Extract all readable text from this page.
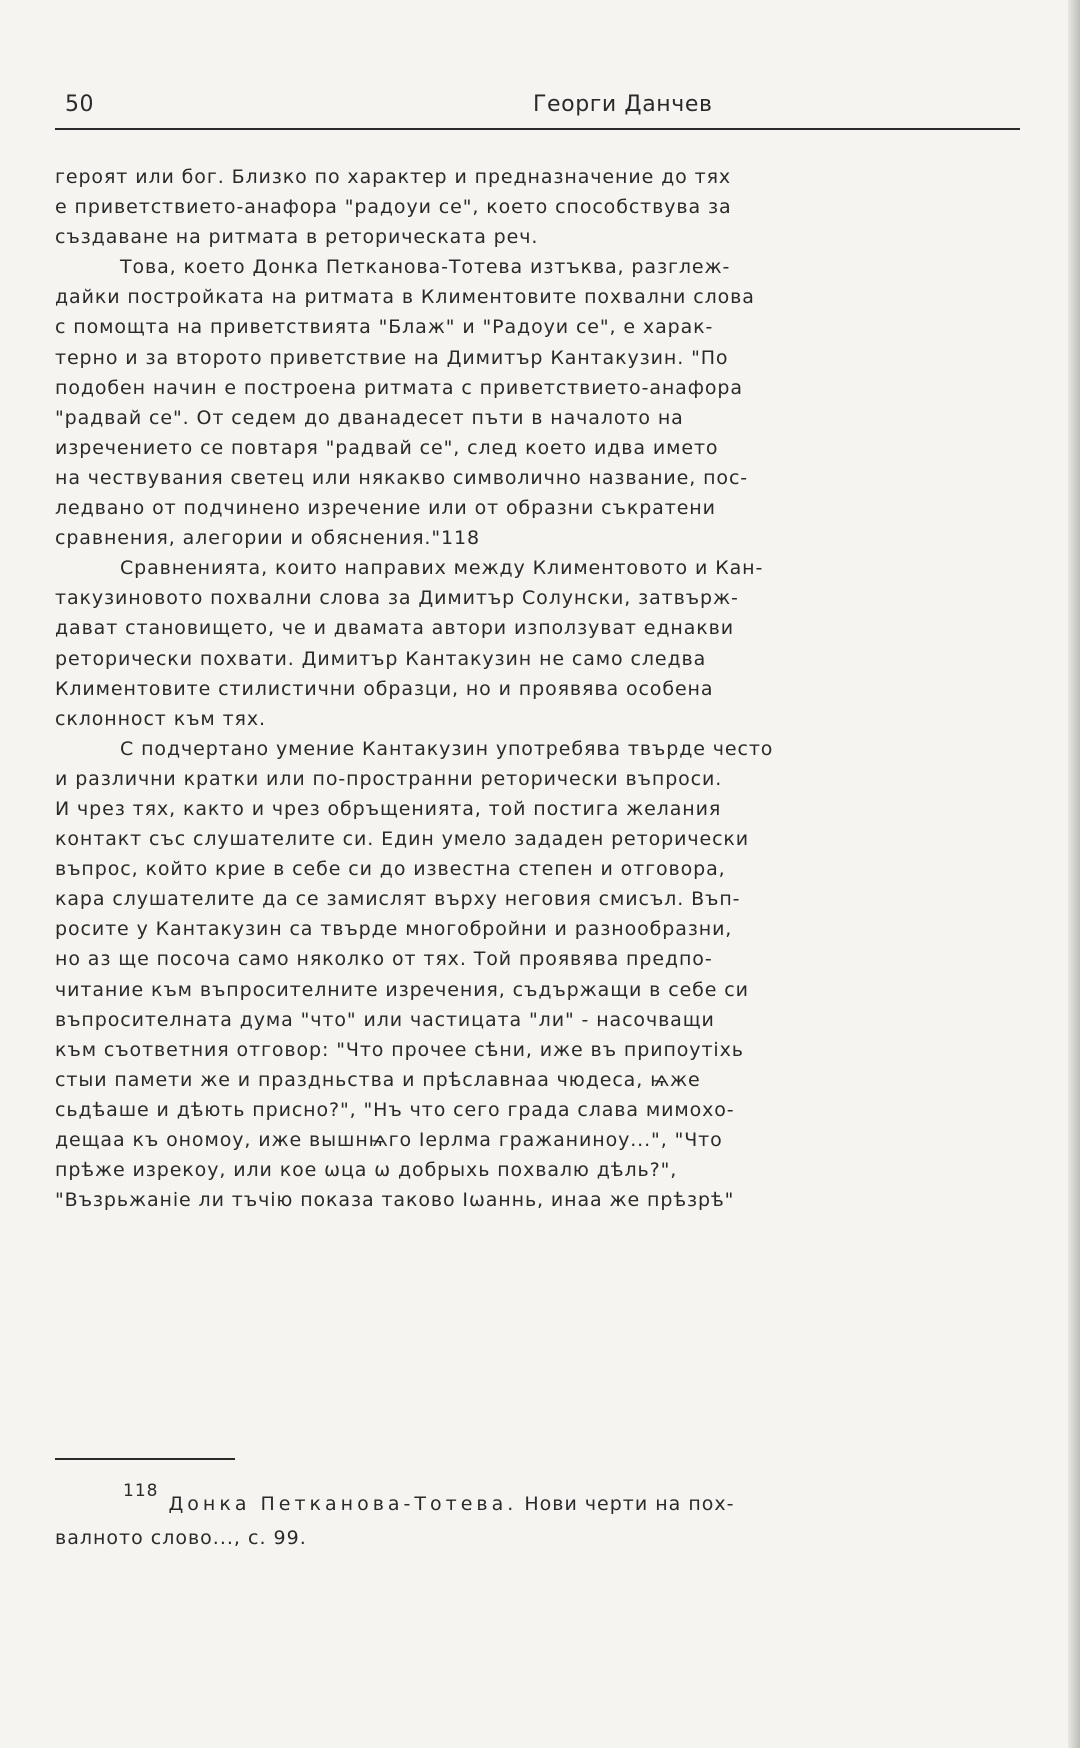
50	Георги Данчев
героят или бог. Близко по характер и предназначение до тях
е приветствието-анафора "радоуи се", което способствува за
създаване на ритмата в реторическата реч.
Това, което Донка Петканова-Тотева изтъква, разглеж-
дайки постройката на ритмата в Климентовите похвални слова
с помощта на приветствията "Блаж" и "Радоуи се", е харак-
терно и за второто приветствие на Димитър Кантакузин. "По
подобен начин е построена ритмата с приветствието-анафора
"радвай се". От седем до дванадесет пъти в началото на
изречението се повтаря "радвай се", след което идва името
на чествувания светец или някакво символично название, пос-
ледвано от подчинено изречение или от образни съкратени
сравнения, алегории и обяснения."118
Сравненията, които направих между Климентовото и Кан-
такузиновото похвални слова за Димитър Солунски, затвърж-
дават становището, че и двамата автори използуват еднакви
реторически похвати. Димитър Кантакузин не само следва
Климентовите стилистични образци, но и проявява особена
склонност към тях.
С подчертано умение Кантакузин употребява твърде често
и различни кратки или по-пространни реторически въпроси.
И чрез тях, както и чрез обръщенията, той постига желания
контакт със слушателите си. Един умело зададен реторически
въпрос, който крие в себе си до известна степен и отговора,
кара слушателите да се замислят върху неговия смисъл. Въп-
росите у Кантакузин са твърде многобройни и разнообразни,
но аз ще посоча само няколко от тях. Той проявява предпо-
читание към въпросителните изречения, съдържащи в себе си
въпросителната дума "что" или частицата "ли" - насочващи
към съответния отговор: "Что прочее сѣни, иже въ припоутіхь
стыи памети же и праздньства и прѣславнаа чюдеса, ѩже
сьдѣаше и дѣють присно?", "Нъ что сего града слава мимохо-
дещаа къ ономоу, иже вышнѩго Іерлма гражаниноу...", "Что
прѣже изрекоу, или кое ѡца ѡ добрыхь похвалю дѣль?",
"Възрьжаніе ли тъчію показа таково Іѡаннь, инаа же прѣзрѣ"
118Донка Петканова-Тотева. Нови черти на пох-
валното слово..., с. 99.
